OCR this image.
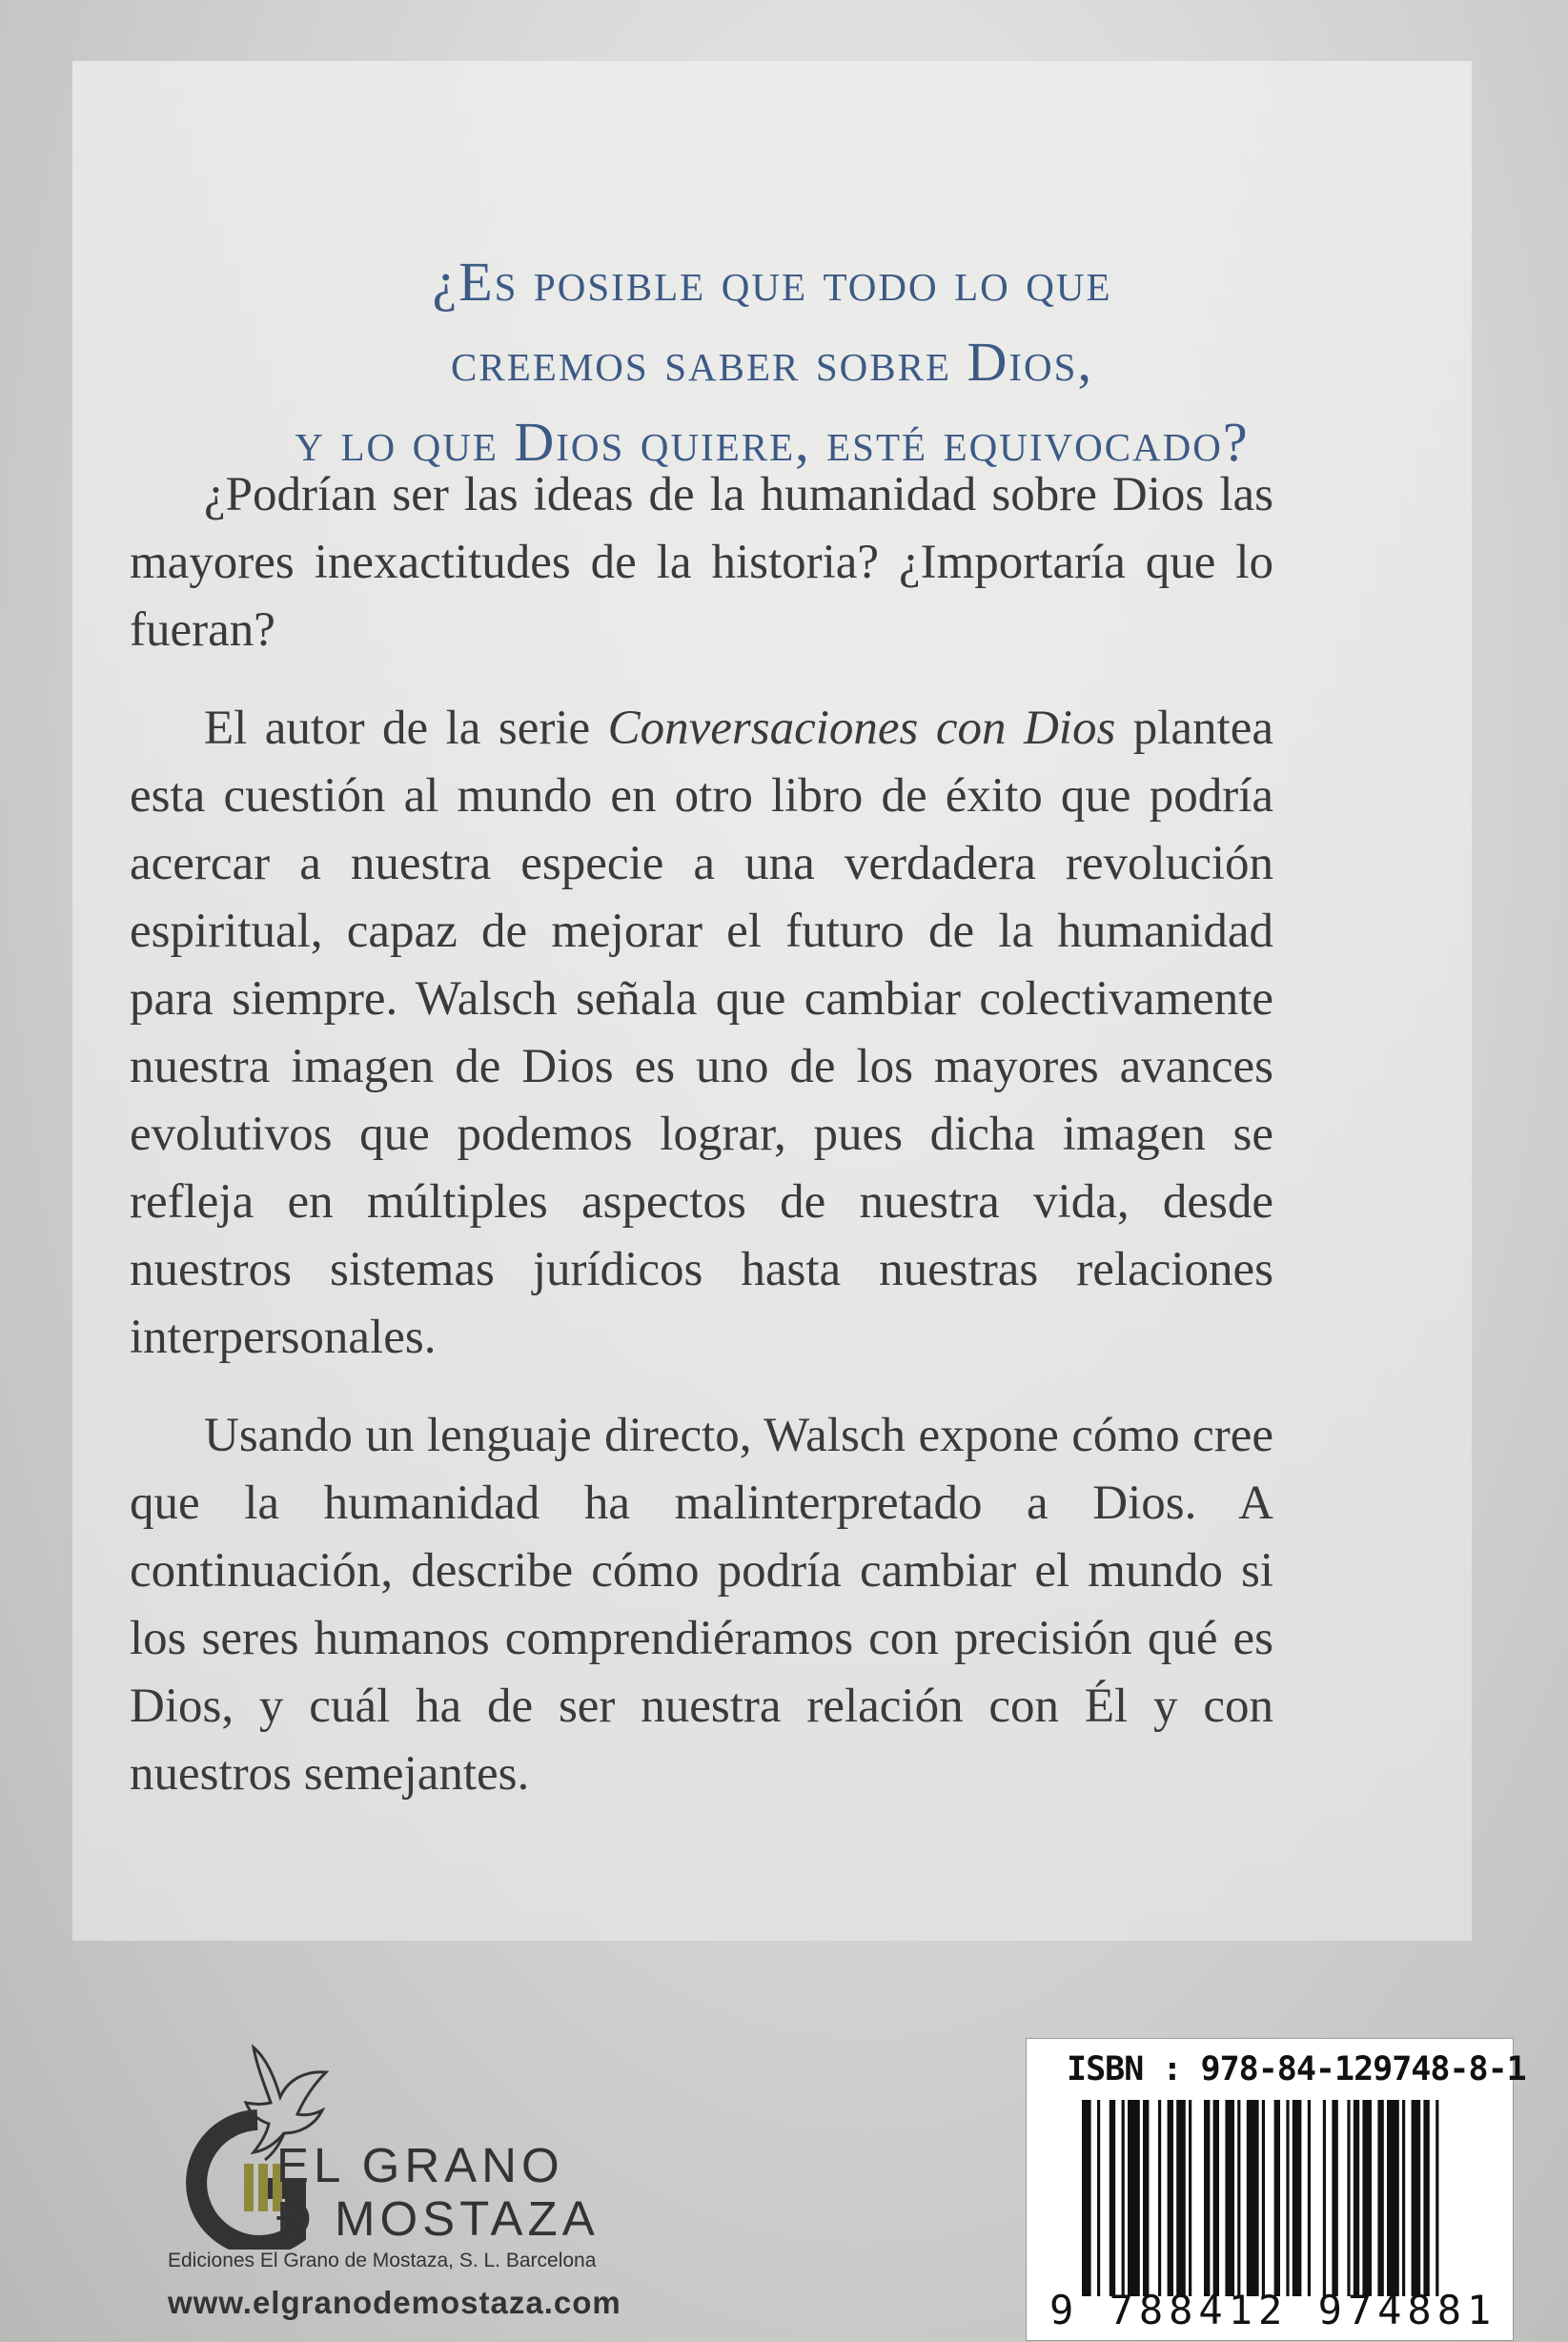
¿Es posible que todo lo que
creemos saber sobre Dios,
y lo que Dios quiere, esté equivocado?

¿Podrían ser las ideas de la humanidad sobre Dios las mayores inexactitudes de la historia? ¿Importaría que lo fueran?

El autor de la serie Conversaciones con Dios plantea esta cuestión al mundo en otro libro de éxito que podría acercar a nuestra especie a una verdadera revolución espiritual, capaz de mejorar el futuro de la humanidad para siempre. Walsch señala que cambiar colectivamente nuestra imagen de Dios es uno de los mayores avances evolutivos que podemos lograr, pues dicha imagen se refleja en múltiples aspectos de nuestra vida, desde nuestros sistemas jurídicos hasta nuestras relaciones interpersonales.

Usando un lenguaje directo, Walsch expone cómo cree que la humanidad ha malinterpretado a Dios. A continuación, describe cómo podría cambiar el mundo si los seres humanos comprendiéramos con precisión qué es Dios, y cuál ha de ser nuestra relación con Él y con nuestros semejantes.

EL GRANO
Ð MOSTAZA
Ediciones El Grano de Mostaza, S. L. Barcelona
www.elgranodemostaza.com
ISBN : 978-84-129748-8-1
9 788412 974881
